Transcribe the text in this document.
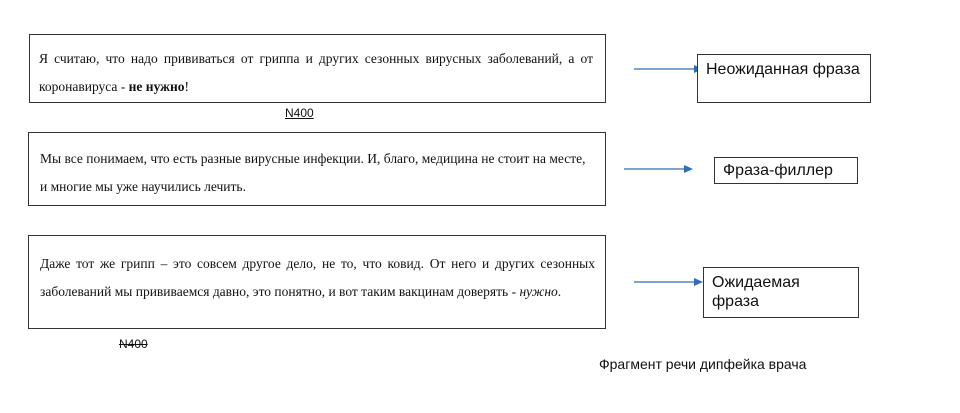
Я считаю, что надо прививаться от гриппа и других сезонных вирусных заболеваний, а от коронавируса - не нужно!
N400
Неожиданная фраза
Мы все понимаем, что есть разные вирусные инфекции. И, благо, медицина не стоит на месте, и многие мы уже научились лечить.
Фраза-филлер
Даже тот же грипп – это совсем другое дело, не то, что ковид. От него и других сезонных заболеваний мы прививаемся давно, это понятно, и вот таким вакцинам доверять - нужно.
N400
Ожидаемая фраза
Фрагмент речи дипфейка врача
